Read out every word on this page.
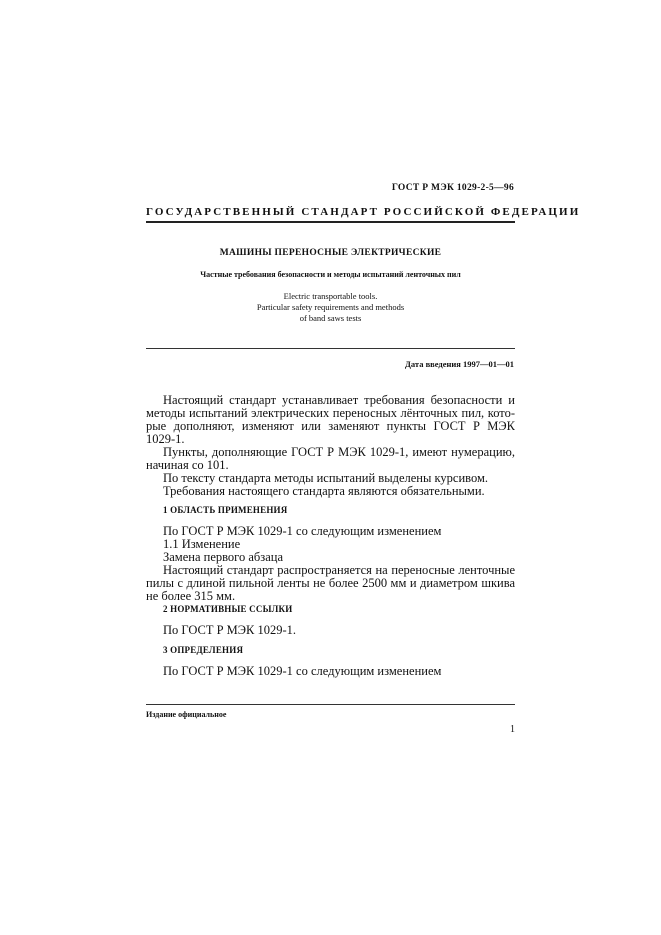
ГОСТ Р МЭК 1029-2-5—96
ГОСУДАРСТВЕННЫЙ СТАНДАРТ РОССИЙСКОЙ ФЕДЕРАЦИИ
МАШИНЫ ПЕРЕНОСНЫЕ ЭЛЕКТРИЧЕСКИЕ
Частные требования безопасности и методы испытаний ленточных пил
Electric transportable tools.
Particular safety requirements and methods
of band saws tests
Дата введения 1997—01—01
Настоящий стандарт устанавливает требования безопасности и
методы испытаний электрических переносных лёнточных пил, кото-
рые дополняют, изменяют или заменяют пункты ГОСТ Р МЭК
1029-1.
Пункты, дополняющие ГОСТ Р МЭК 1029-1, имеют нумерацию,
начиная со 101.
По тексту стандарта методы испытаний выделены курсивом.
Требования настоящего стандарта являются обязательными.
1 ОБЛАСТЬ ПРИМЕНЕНИЯ
По ГОСТ Р МЭК 1029-1 со следующим изменением
1.1 Изменение
Замена первого абзаца
Настоящий стандарт распространяется на переносные ленточные
пилы с длиной пильной ленты не более 2500 мм и диаметром шкива
не более 315 мм.
2 НОРМАТИВНЫЕ ССЫЛКИ
По ГОСТ Р МЭК 1029-1.
3 ОПРЕДЕЛЕНИЯ
По ГОСТ Р МЭК 1029-1 со следующим изменением
Издание официальное
1
